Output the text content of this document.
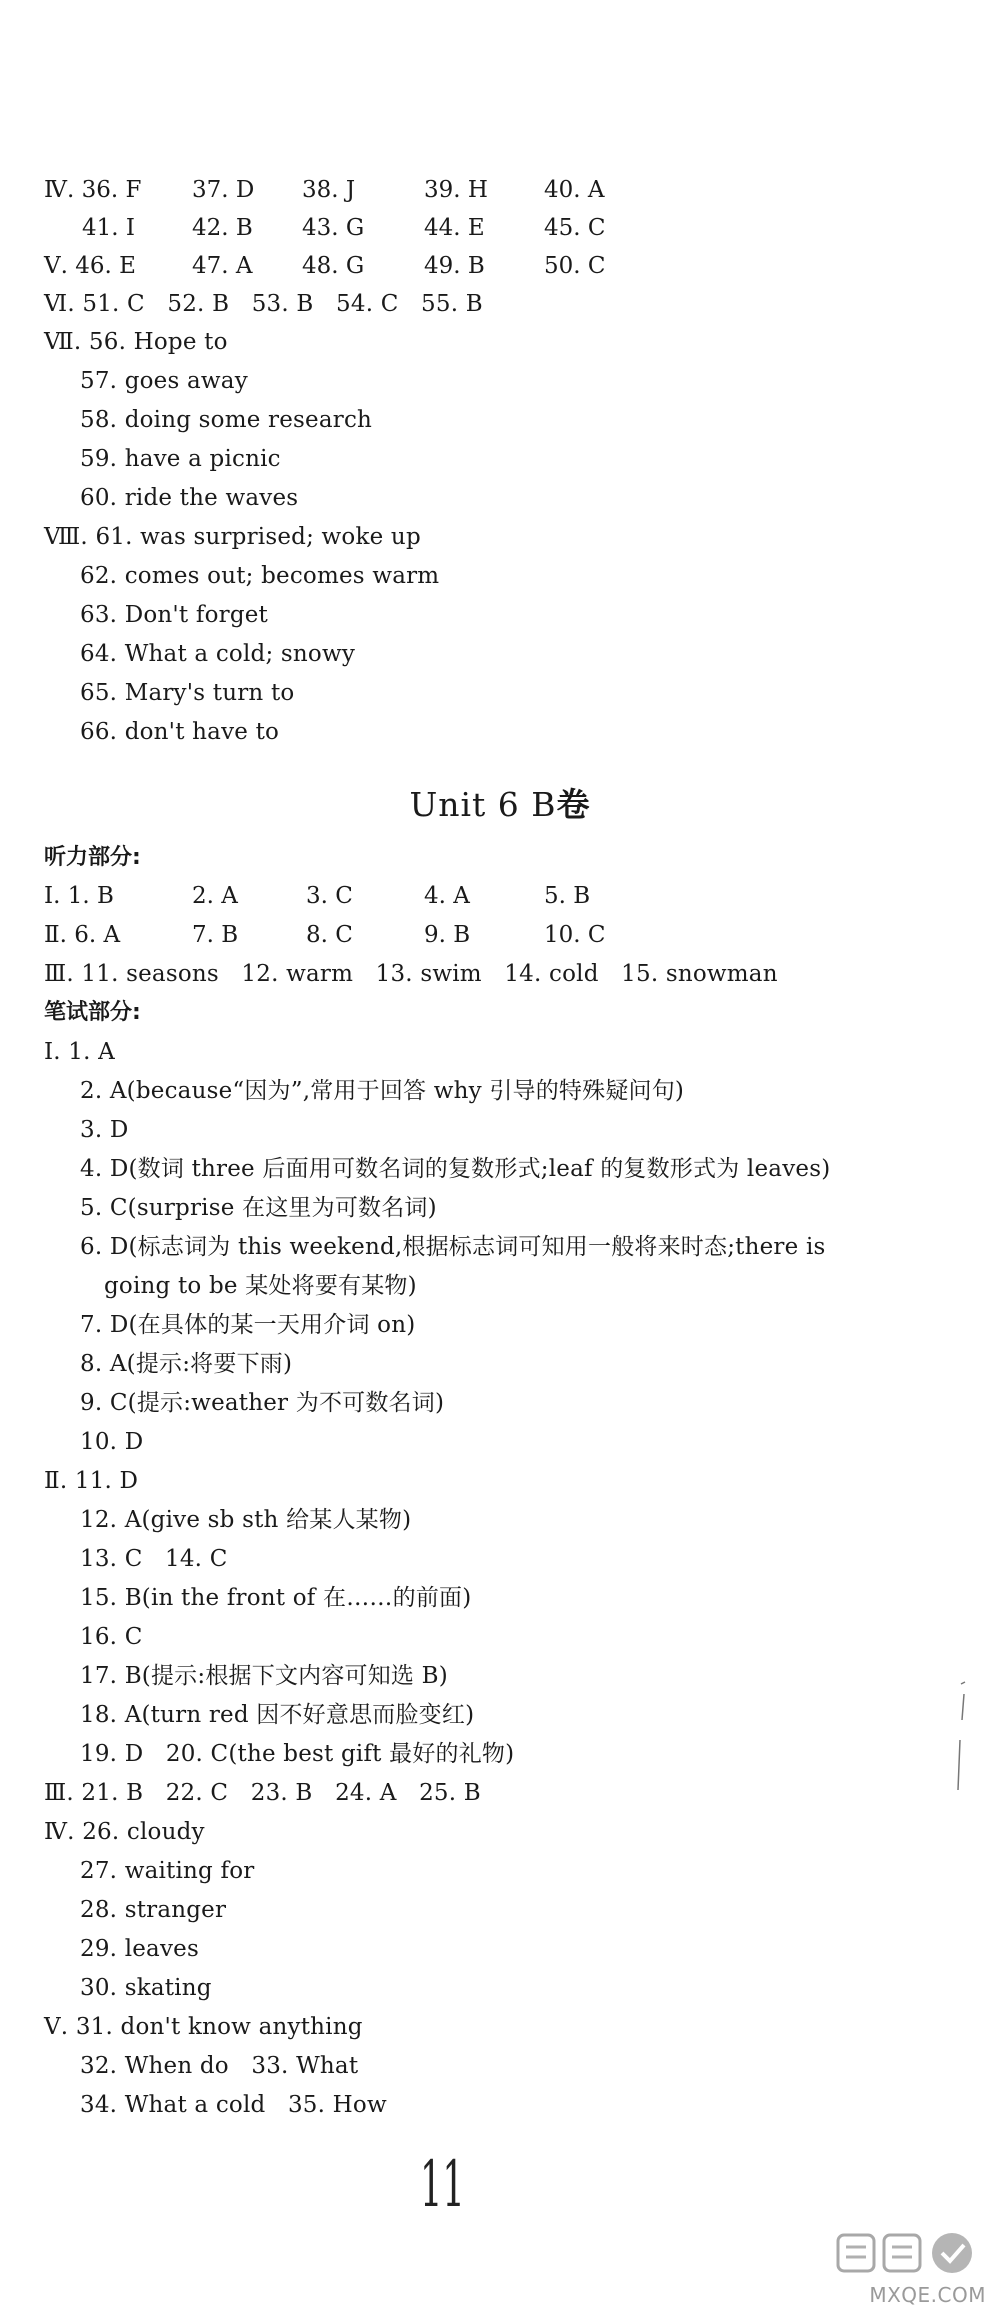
Ⅳ. 36. F 37. D 38. J	39. H 40. A
41. I 42. B 43. G	44. E	45. C
Ⅴ. 46. E 47. A 48. G	49. B	50. C
Ⅵ. 51. C   52. B   53. B   54. C   55. B
Ⅶ. 56. Hope to
57. goes away
58. doing some research
59. have a picnic
60. ride the waves
Ⅷ. 61. was surprised; woke up
62. comes out; becomes warm
63. Don't forget
64. What a cold; snowy
65. Mary's turn to
66. don't have to
Unit 6 B卷
听力部分:
Ⅰ. 1. B	2. A	3. C	4. A	5. B
Ⅱ. 6. A	7. B	8. C	9. B	10. C
Ⅲ. 11. seasons   12. warm   13. swim   14. cold   15. snowman
笔试部分:
Ⅰ. 1. A
2. A(because“因为”,常用于回答 why 引导的特殊疑问句)
3. D
4. D(数词 three 后面用可数名词的复数形式;leaf 的复数形式为 leaves)
5. C(surprise 在这里为可数名词)
6. D(标志词为 this weekend,根据标志词可知用一般将来时态;there is
going to be 某处将要有某物)
7. D(在具体的某一天用介词 on)
8. A(提示:将要下雨)
9. C(提示:weather 为不可数名词)
10. D
Ⅱ. 11. D
12. A(give sb sth 给某人某物)
13. C   14. C
15. B(in the front of 在……的前面)
16. C
17. B(提示:根据下文内容可知选 B)
18. A(turn red 因不好意思而脸变红)
19. D   20. C(the best gift 最好的礼物)
Ⅲ. 21. B   22. C   23. B   24. A   25. B
Ⅳ. 26. cloudy
27. waiting for
28. stranger
29. leaves
30. skating
Ⅴ. 31. don't know anything
32. When do   33. What
34. What a cold   35. How
11
MXQE.COM
